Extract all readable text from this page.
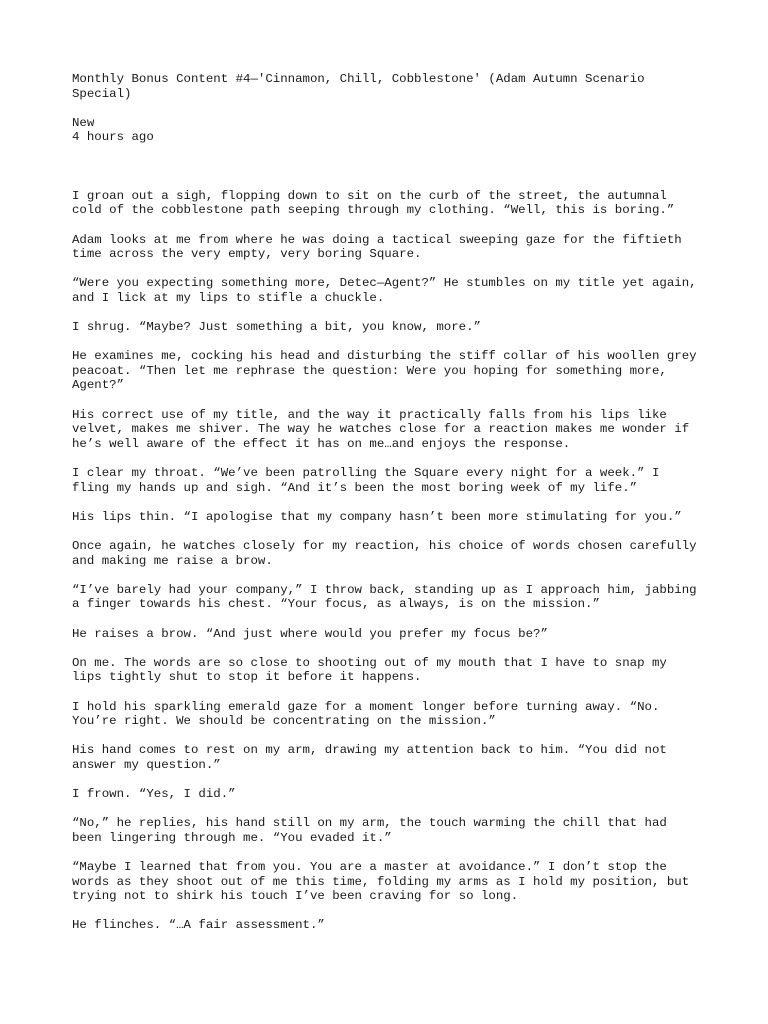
Monthly Bonus Content #4—'Cinnamon, Chill, Cobblestone' (Adam Autumn Scenario Special)

New

4 hours ago

I groan out a sigh, flopping down to sit on the curb of the street, the autumnal cold of the cobblestone path seeping through my clothing. “Well, this is boring.”

Adam looks at me from where he was doing a tactical sweeping gaze for the fiftieth time across the very empty, very boring Square.

“Were you expecting something more, Detec—Agent?” He stumbles on my title yet again, and I lick at my lips to stifle a chuckle.

I shrug. “Maybe? Just something a bit, you know, more.”

He examines me, cocking his head and disturbing the stiff collar of his woollen grey peacoat. “Then let me rephrase the question: Were you hoping for something more, Agent?”

His correct use of my title, and the way it practically falls from his lips like velvet, makes me shiver. The way he watches close for a reaction makes me wonder if he’s well aware of the effect it has on me…and enjoys the response.

I clear my throat. “We’ve been patrolling the Square every night for a week.” I fling my hands up and sigh. “And it’s been the most boring week of my life.”

His lips thin. “I apologise that my company hasn’t been more stimulating for you.”

Once again, he watches closely for my reaction, his choice of words chosen carefully and making me raise a brow.

“I’ve barely had your company,” I throw back, standing up as I approach him, jabbing a finger towards his chest. “Your focus, as always, is on the mission.”

He raises a brow. “And just where would you prefer my focus be?”

On me. The words are so close to shooting out of my mouth that I have to snap my lips tightly shut to stop it before it happens.

I hold his sparkling emerald gaze for a moment longer before turning away. “No. You’re right. We should be concentrating on the mission.”

His hand comes to rest on my arm, drawing my attention back to him. “You did not answer my question.”

I frown. “Yes, I did.”

“No,” he replies, his hand still on my arm, the touch warming the chill that had been lingering through me. “You evaded it.”

“Maybe I learned that from you. You are a master at avoidance.” I don’t stop the words as they shoot out of me this time, folding my arms as I hold my position, but trying not to shirk his touch I’ve been craving for so long.

He flinches. “…A fair assessment.”
